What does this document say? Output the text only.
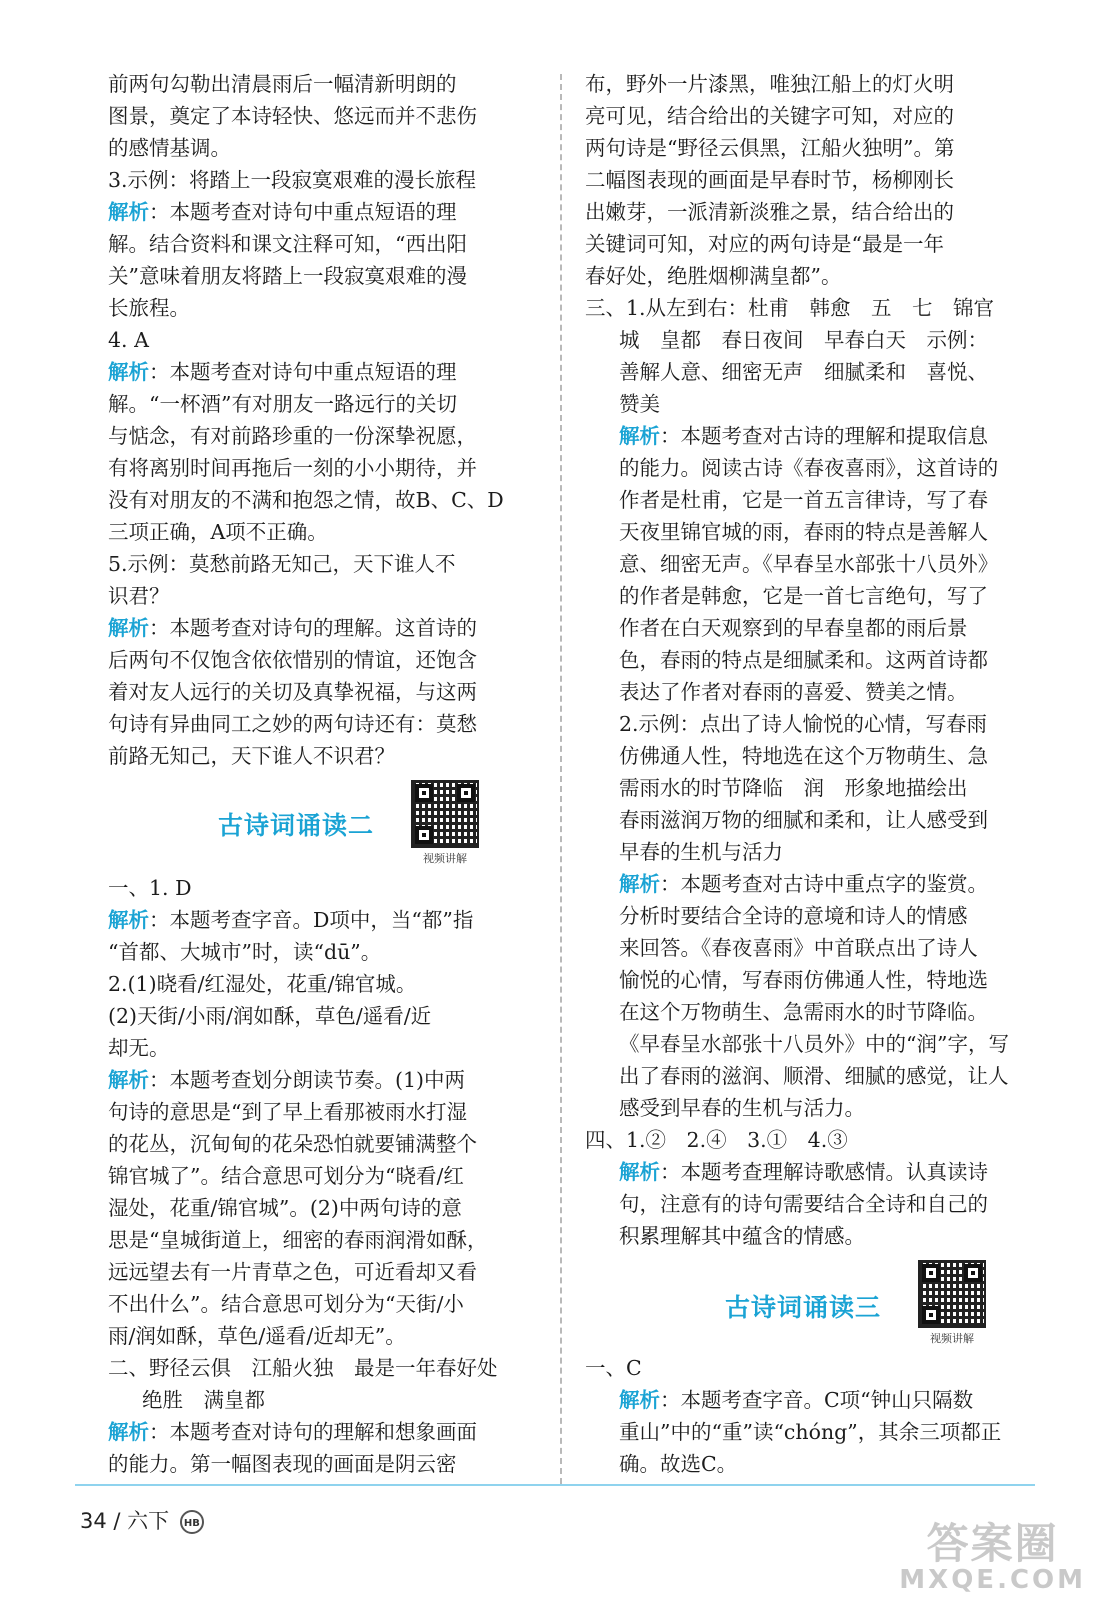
前两句勾勒出清晨雨后一幅清新明朗的
图景，奠定了本诗轻快、悠远而并不悲伤
的感情基调。
3.示例：将踏上一段寂寞艰难的漫长旅程
解析：本题考查对诗句中重点短语的理
解。结合资料和课文注释可知，“西出阳
关”意味着朋友将踏上一段寂寞艰难的漫
长旅程。
4. A
解析：本题考查对诗句中重点短语的理
解。“一杯酒”有对朋友一路远行的关切
与惦念，有对前路珍重的一份深挚祝愿，
有将离别时间再拖后一刻的小小期待，并
没有对朋友的不满和抱怨之情，故B、C、D
三项正确，A项不正确。
5.示例：莫愁前路无知己，天下谁人不
识君？
解析：本题考查对诗句的理解。这首诗的
后两句不仅饱含依依惜别的情谊，还饱含
着对友人远行的关切及真挚祝福，与这两
句诗有异曲同工之妙的两句诗还有：莫愁
前路无知己，天下谁人不识君？
古诗词诵读二
视频讲解
一、1. D
解析：本题考查字音。D项中，当“都”指
“首都、大城市”时，读“dū”。
2.(1)晓看/红湿处，花重/锦官城。
(2)天街/小雨/润如酥，草色/遥看/近
却无。
解析：本题考查划分朗读节奏。(1)中两
句诗的意思是“到了早上看那被雨水打湿
的花丛，沉甸甸的花朵恐怕就要铺满整个
锦官城了”。结合意思可划分为“晓看/红
湿处，花重/锦官城”。(2)中两句诗的意
思是“皇城街道上，细密的春雨润滑如酥，
远远望去有一片青草之色，可近看却又看
不出什么”。结合意思可划分为“天街/小
雨/润如酥，草色/遥看/近却无”。
二、野径云俱　江船火独　最是一年春好处
绝胜　满皇都
解析：本题考查对诗句的理解和想象画面
的能力。第一幅图表现的画面是阴云密
布，野外一片漆黑，唯独江船上的灯火明
亮可见，结合给出的关键字可知，对应的
两句诗是“野径云俱黑，江船火独明”。第
二幅图表现的画面是早春时节，杨柳刚长
出嫩芽，一派清新淡雅之景，结合给出的
关键词可知，对应的两句诗是“最是一年
春好处，绝胜烟柳满皇都”。
三、1.从左到右：杜甫　韩愈　五　七　锦官
城　皇都　春日夜间　早春白天　示例：
善解人意、细密无声　细腻柔和　喜悦、
赞美
解析：本题考查对古诗的理解和提取信息
的能力。阅读古诗《春夜喜雨》，这首诗的
作者是杜甫，它是一首五言律诗，写了春
天夜里锦官城的雨，春雨的特点是善解人
意、细密无声。《早春呈水部张十八员外》
的作者是韩愈，它是一首七言绝句，写了
作者在白天观察到的早春皇都的雨后景
色，春雨的特点是细腻柔和。这两首诗都
表达了作者对春雨的喜爱、赞美之情。
2.示例：点出了诗人愉悦的心情，写春雨
仿佛通人性，特地选在这个万物萌生、急
需雨水的时节降临　润　形象地描绘出
春雨滋润万物的细腻和柔和，让人感受到
早春的生机与活力
解析：本题考查对古诗中重点字的鉴赏。
分析时要结合全诗的意境和诗人的情感
来回答。《春夜喜雨》中首联点出了诗人
愉悦的心情，写春雨仿佛通人性，特地选
在这个万物萌生、急需雨水的时节降临。
《早春呈水部张十八员外》中的“润”字，写
出了春雨的滋润、顺滑、细腻的感觉，让人
感受到早春的生机与活力。
四、1.②　2.④　3.①　4.③
解析：本题考查理解诗歌感情。认真读诗
句，注意有的诗句需要结合全诗和自己的
积累理解其中蕴含的情感。
古诗词诵读三
视频讲解
一、C
解析：本题考查字音。C项“钟山只隔数
重山”中的“重”读“chóng”，其余三项都正
确。故选C。
34 / 六下 HB	答案圈
MXQE.COM
